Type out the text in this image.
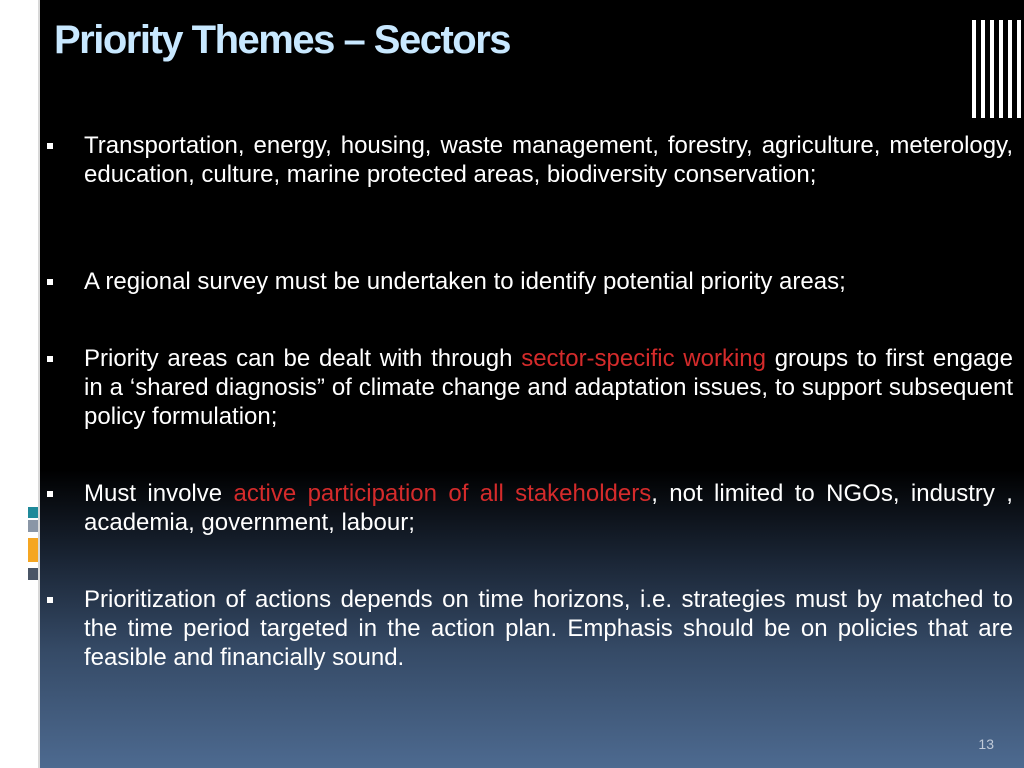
Priority Themes – Sectors

Transportation, energy, housing, waste management, forestry, agriculture, meterology, education, culture, marine protected areas, biodiversity conservation;

A regional survey must be undertaken to identify potential priority areas;

Priority areas can be dealt with through sector-specific working groups to first engage in a ‘shared diagnosis” of climate change and adaptation issues, to support subsequent policy formulation;

Must involve active participation of all stakeholders, not limited to NGOs, industry , academia, government, labour;

Prioritization of actions depends on time horizons, i.e. strategies must by matched to the time period targeted in the action plan. Emphasis should be on policies that are feasible and financially sound.

13
